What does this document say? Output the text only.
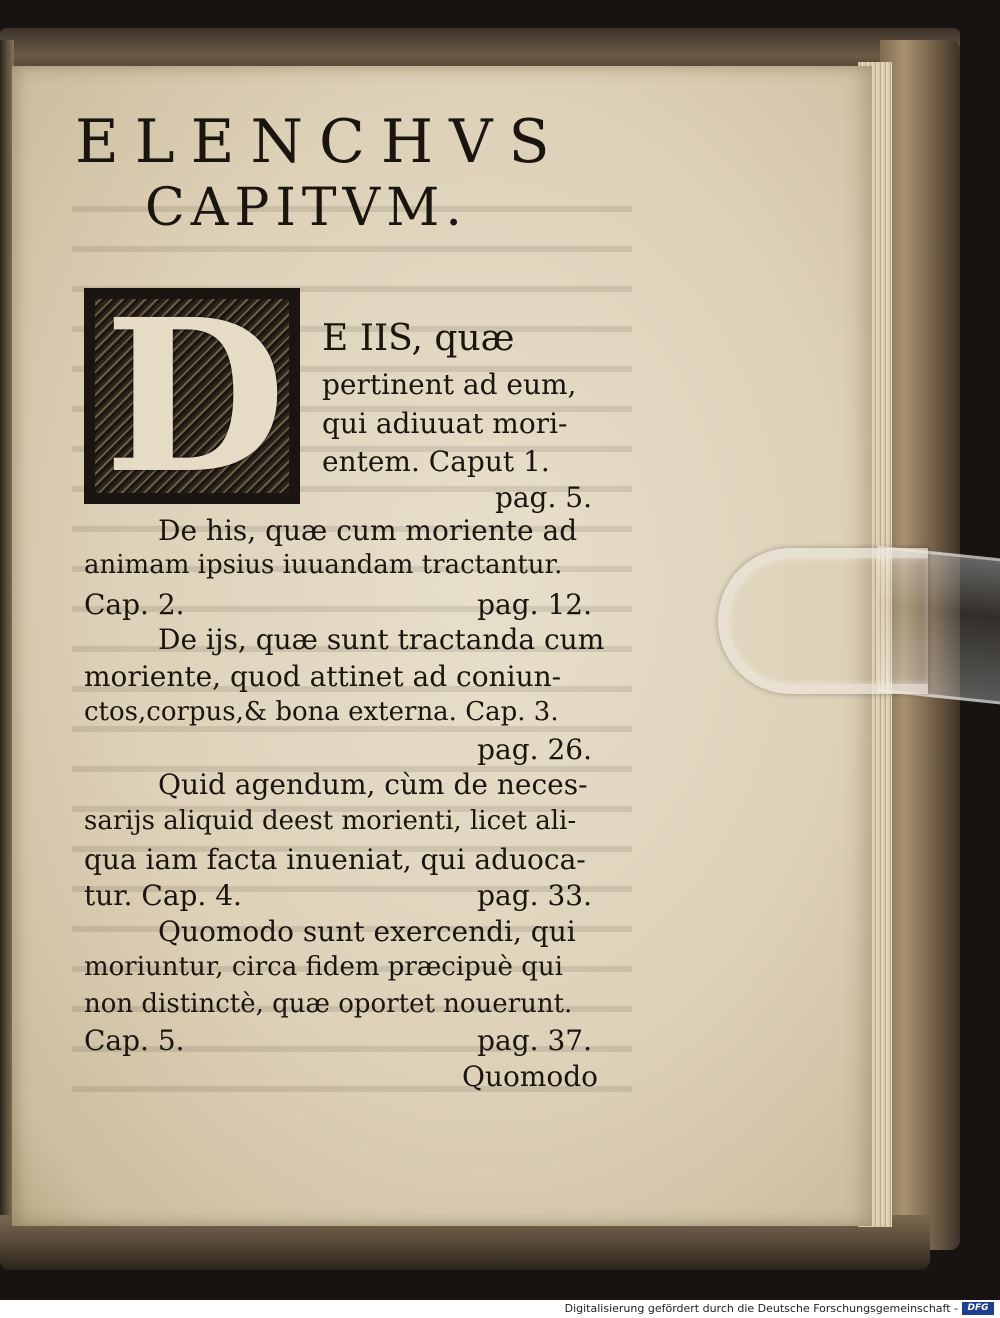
ELENCHVS
CAPITVM.
D E IIS, quæ
pertinent ad eum,
qui adiuuat mori-
entem. Caput 1.
pag. 5.
De his, quæ cum moriente ad
animam ipsius iuuandam tractantur.
Cap. 2.	pag. 12.
De ijs, quæ sunt tractanda cum
moriente, quod attinet ad coniun-
ctos,corpus,& bona externa. Cap. 3.
pag. 26.
Quid agendum, cùm de neces-
sarijs aliquid deest morienti, licet ali-
qua iam facta inueniat, qui aduoca-
tur. Cap. 4.	pag. 33.
Quomodo sunt exercendi, qui
moriuntur, circa fidem præcipuè qui
non distinctè, quæ oportet nouerunt.
Cap. 5.	pag. 37.
Quomodo
Digitalisierung gefördert durch die Deutsche Forschungsgemeinschaft -	DFG
